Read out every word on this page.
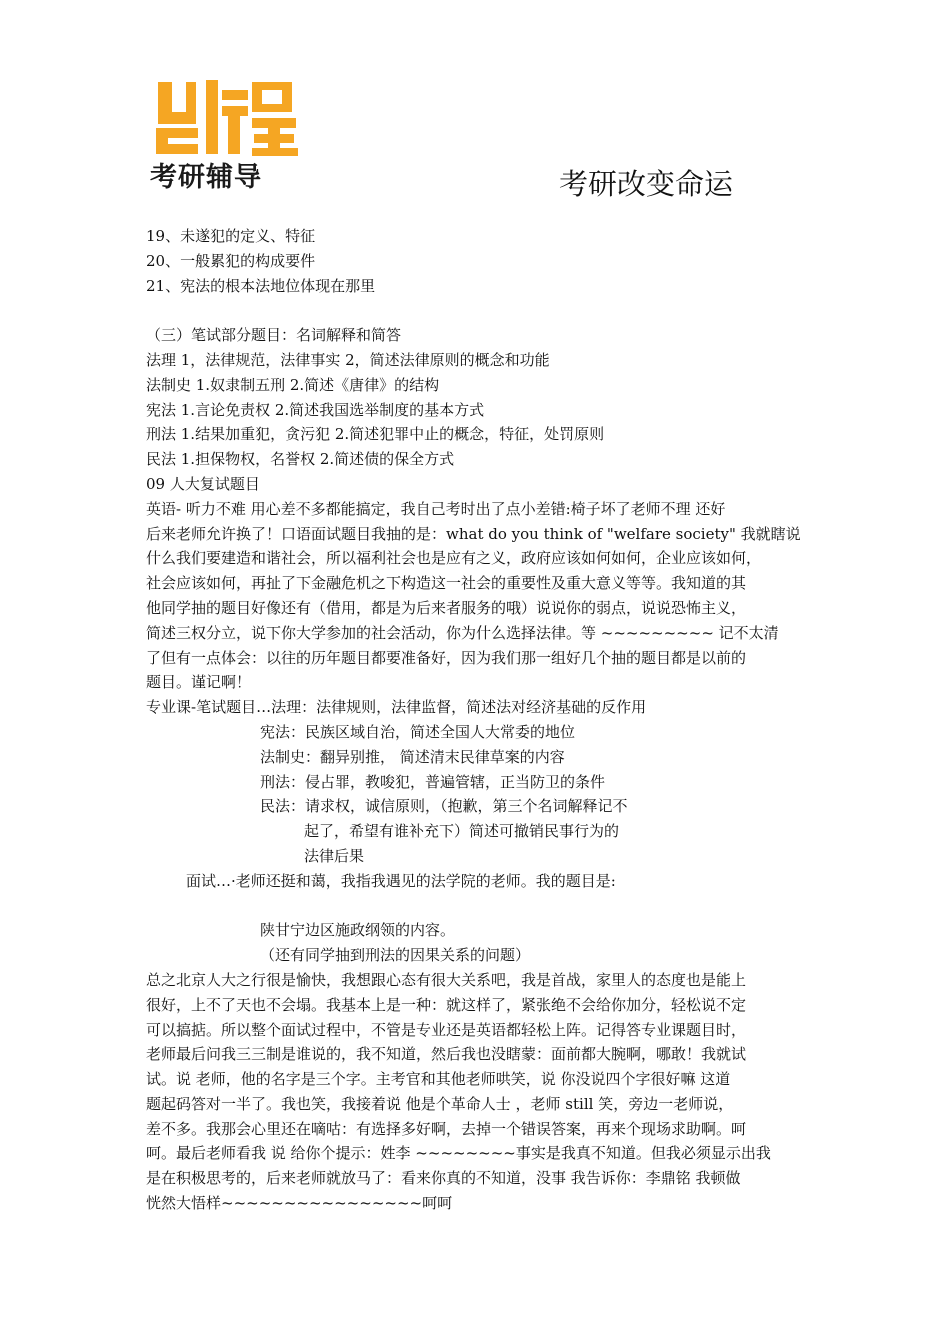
凯程
考研辅导	考研改变命运
19、未遂犯的定义、特征
20、一般累犯的构成要件
21、宪法的根本法地位体现在那里
（三）笔试部分题目：名词解释和简答
法理 1，法律规范，法律事实 2，简述法律原则的概念和功能
法制史 1.奴隶制五刑 2.简述《唐律》的结构
宪法 1.言论免责权 2.简述我国选举制度的基本方式
刑法 1.结果加重犯，贪污犯 2.简述犯罪中止的概念，特征，处罚原则
民法 1.担保物权，名誉权 2.简述债的保全方式
09 人大复试题目
英语- 听力不难 用心差不多都能搞定，我自己考时出了点小差错:椅子坏了老师不理 还好
后来老师允许换了！口语面试题目我抽的是：what do you think of "welfare society" 我就瞎说
什么我们要建造和谐社会，所以福利社会也是应有之义，政府应该如何如何，企业应该如何，
社会应该如何，再扯了下金融危机之下构造这一社会的重要性及重大意义等等。我知道的其
他同学抽的题目好像还有（借用，都是为后来者服务的哦）说说你的弱点，说说恐怖主义，
简述三权分立，说下你大学参加的社会活动，你为什么选择法律。等 ~~~~~~~~~ 记不太清
了但有一点体会：以往的历年题目都要准备好，因为我们那一组好几个抽的题目都是以前的
题目。谨记啊！
专业课-笔试题目…法理：法律规则，法律监督，简述法对经济基础的反作用
宪法：民族区域自治，简述全国人大常委的地位
法制史：翻异别推， 简述清末民律草案的内容
刑法：侵占罪，教唆犯，普遍管辖，正当防卫的条件
民法：请求权，诚信原则，（抱歉，第三个名词解释记不
起了，希望有谁补充下）简述可撤销民事行为的
法律后果
面试…·老师还挺和蔼，我指我遇见的法学院的老师。我的题目是:
陕甘宁边区施政纲领的内容。
（还有同学抽到刑法的因果关系的问题）
总之北京人大之行很是愉快，我想跟心态有很大关系吧，我是首战，家里人的态度也是能上
很好，上不了天也不会塌。我基本上是一种：就这样了，紧张绝不会给你加分，轻松说不定
可以搞掂。所以整个面试过程中，不管是专业还是英语都轻松上阵。记得答专业课题目时，
老师最后问我三三制是谁说的，我不知道，然后我也没瞎蒙：面前都大腕啊，哪敢！我就试
试。说 老师，他的名字是三个字。主考官和其他老师哄笑，说 你没说四个字很好嘛 这道
题起码答对一半了。我也笑，我接着说 他是个革命人士 ，老师 still 笑，旁边一老师说，
差不多。我那会心里还在嘀咕：有选择多好啊，去掉一个错误答案，再来个现场求助啊。呵
呵。最后老师看我 说 给你个提示：姓李 ~~~~~~~~事实是我真不知道。但我必须显示出我
是在积极思考的，后来老师就放马了：看来你真的不知道，没事 我告诉你：李鼎铭 我顿做
恍然大悟样~~~~~~~~~~~~~~~~呵呵
